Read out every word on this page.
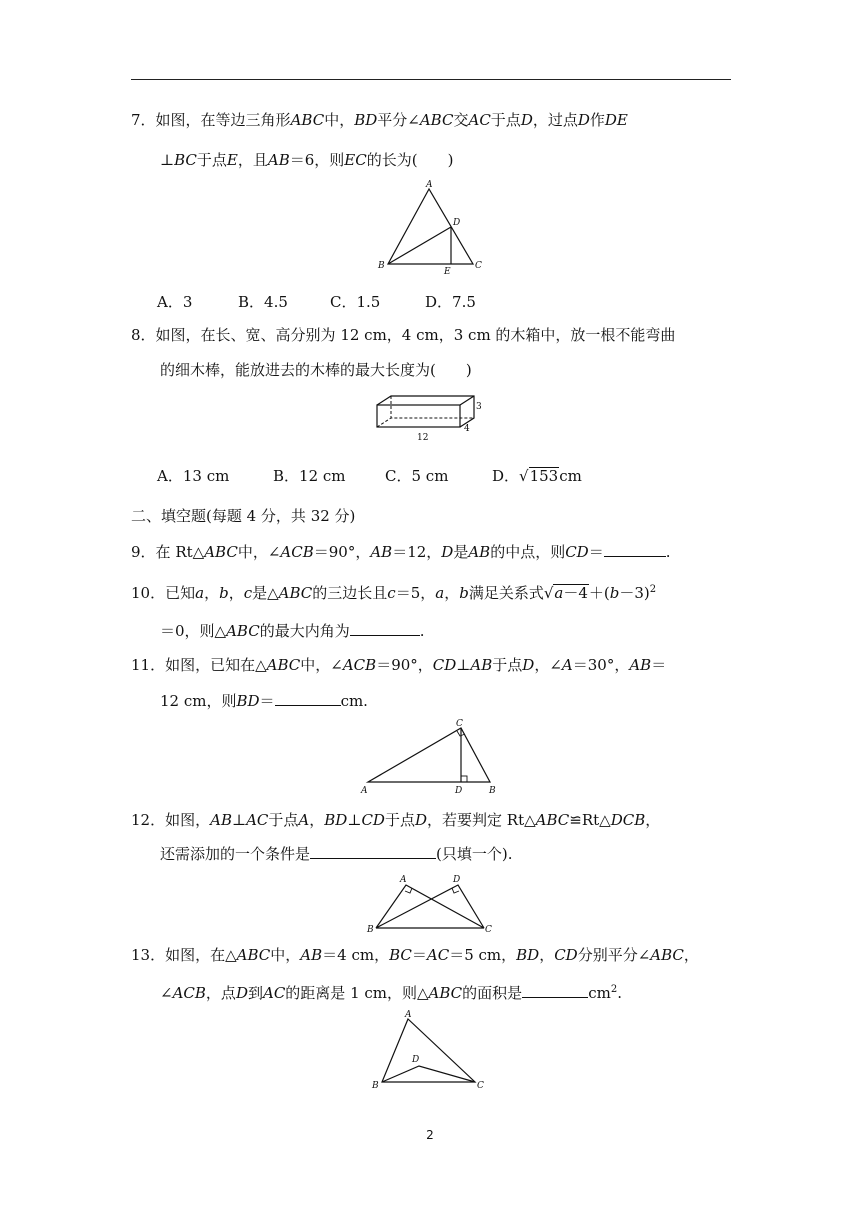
7．如图，在等边三角形ABC中，BD平分∠ABC交AC于点D，过点D作DE
⊥BC于点E，且AB＝6，则EC的长为(　　)
A
B	C
D
E
A．3	B．4.5	C．1.5	D．7.5
8．如图，在长、宽、高分别为 12 cm，4 cm，3 cm 的木箱中，放一根不能弯曲
的细木棒，能放进去的木棒的最大长度为(　　)
3
4
12
A．13 cm	B．12 cm	C．5 cm	D．√153cm
二、填空题(每题 4 分，共 32 分)
9．在 Rt△ABC中，∠ACB＝90°，AB＝12，D是AB的中点，则CD＝	.
10．已知a，b，c是△ABC的三边长且c＝5，a，b满足关系式$√a-4+(b-3)^2$
＝0，则△ABC的最大内角为	.
11．如图，已知在△ABC中，∠ACB＝90°，CD⊥AB于点D，∠A＝30°，AB＝
12 cm，则BD＝	cm.
C
A	D	B
12．如图，AB⊥AC于点A，BD⊥CD于点D，若要判定 Rt△ABC≌Rt△DCB，
还需添加的一个条件是	(只填一个).
A	D
B	C
13．如图，在△ABC中，AB＝4 cm，BC＝AC＝5 cm，BD，CD分别平分∠ABC，
∠ACB，点D到AC的距离是 1 cm，则△ABC的面积是	$cm^2$.
A
D
B	C
2
